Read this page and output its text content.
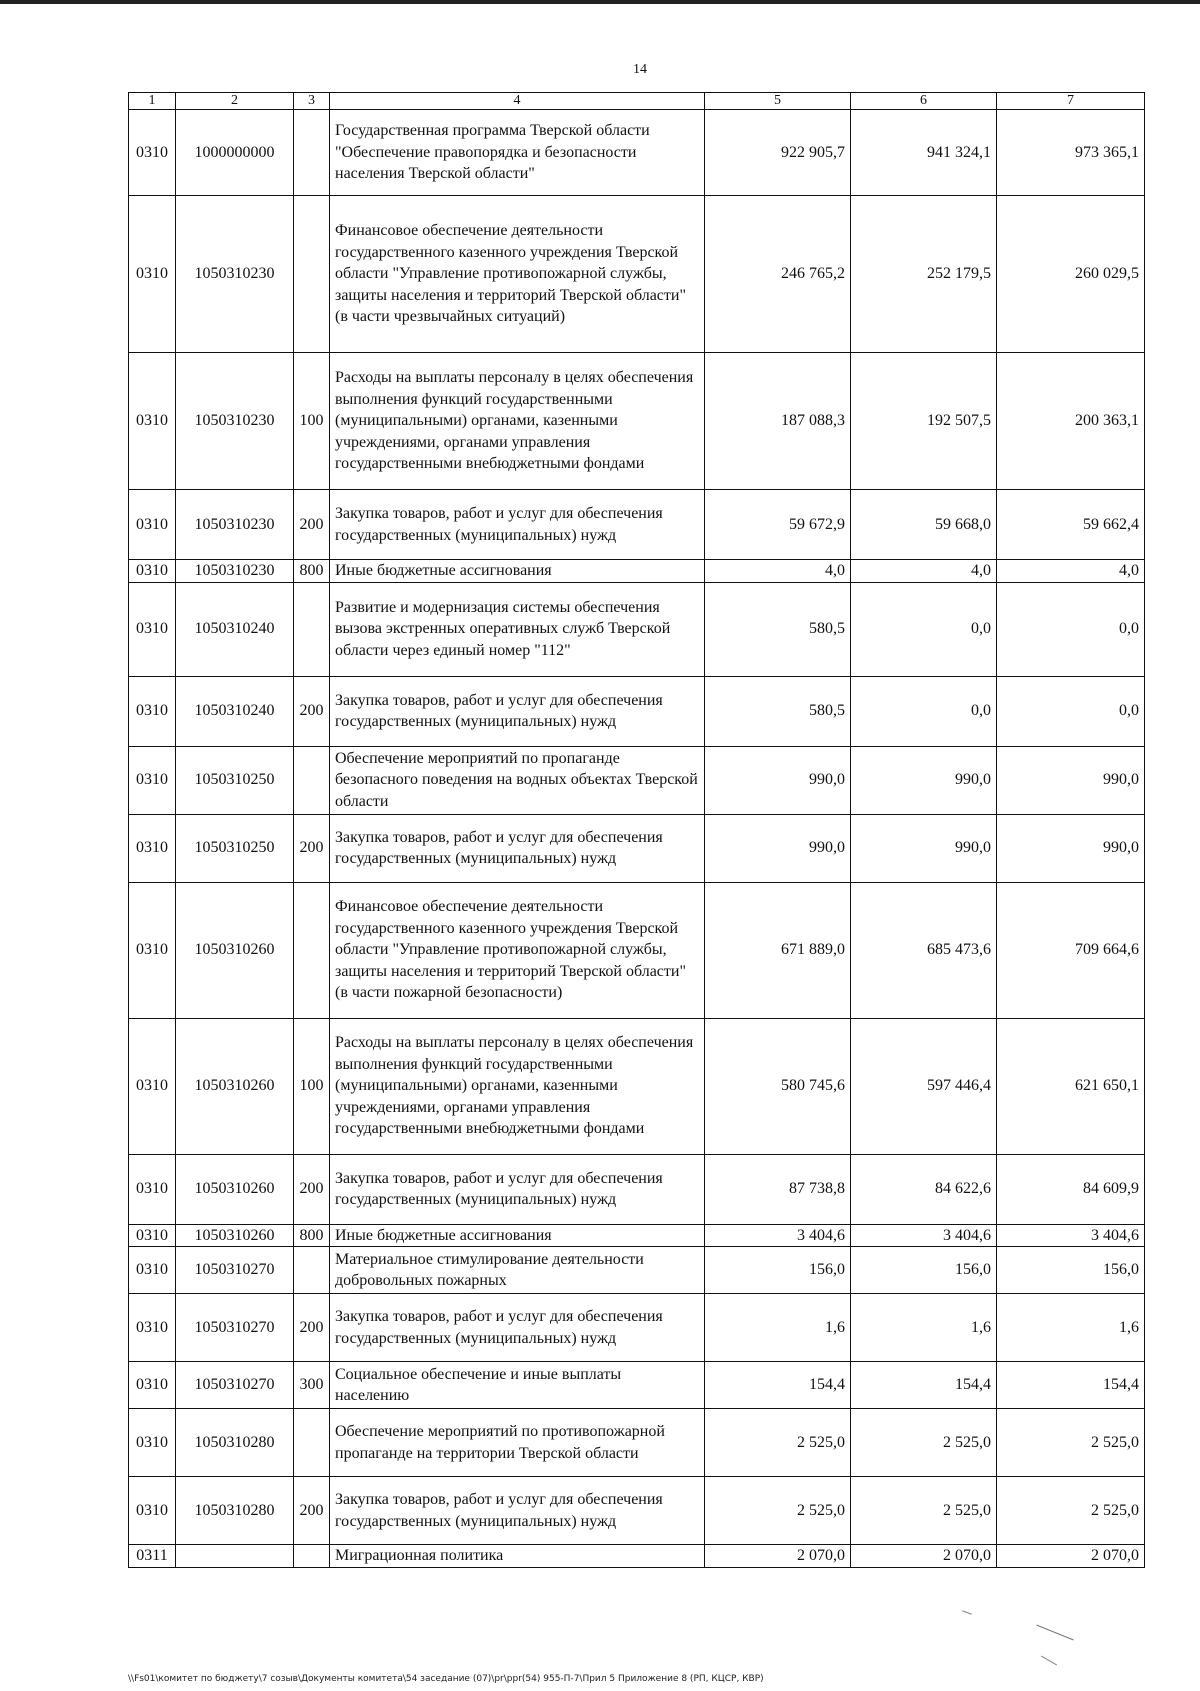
14
1	2	3	4	5	6	7
0310	1000000000		Государственная программа Тверской области "Обеспечение правопорядка и безопасности населения Тверской области"	922 905,7	941 324,1	973 365,1
0310	1050310230		Финансовое обеспечение деятельности государственного казенного учреждения Тверской области "Управление противопожарной службы, защиты населения и территорий Тверской области" (в части чрезвычайных ситуаций)	246 765,2	252 179,5	260 029,5
0310	1050310230	100	Расходы на выплаты персоналу в целях обеспечения выполнения функций государственными (муниципальными) органами, казенными учреждениями, органами управления государственными внебюджетными фондами	187 088,3	192 507,5	200 363,1
0310	1050310230	200	Закупка товаров, работ и услуг для обеспечения государственных (муниципальных) нужд	59 672,9	59 668,0	59 662,4
0310	1050310230	800	Иные бюджетные ассигнования	4,0	4,0	4,0
0310	1050310240		Развитие и модернизация системы обеспечения вызова экстренных оперативных служб Тверской области через единый номер "112"	580,5	0,0	0,0
0310	1050310240	200	Закупка товаров, работ и услуг для обеспечения государственных (муниципальных) нужд	580,5	0,0	0,0
0310	1050310250		Обеспечение мероприятий по пропаганде безопасного поведения на водных объектах Тверской области	990,0	990,0	990,0
0310	1050310250	200	Закупка товаров, работ и услуг для обеспечения государственных (муниципальных) нужд	990,0	990,0	990,0
0310	1050310260		Финансовое обеспечение деятельности государственного казенного учреждения Тверской области "Управление противопожарной службы, защиты населения и территорий Тверской области" (в части пожарной безопасности)	671 889,0	685 473,6	709 664,6
0310	1050310260	100	Расходы на выплаты персоналу в целях обеспечения выполнения функций государственными (муниципальными) органами, казенными учреждениями, органами управления государственными внебюджетными фондами	580 745,6	597 446,4	621 650,1
0310	1050310260	200	Закупка товаров, работ и услуг для обеспечения государственных (муниципальных) нужд	87 738,8	84 622,6	84 609,9
0310	1050310260	800	Иные бюджетные ассигнования	3 404,6	3 404,6	3 404,6
0310	1050310270		Материальное стимулирование деятельности добровольных пожарных	156,0	156,0	156,0
0310	1050310270	200	Закупка товаров, работ и услуг для обеспечения государственных (муниципальных) нужд	1,6	1,6	1,6
0310	1050310270	300	Социальное обеспечение и иные выплаты населению	154,4	154,4	154,4
0310	1050310280		Обеспечение мероприятий по противопожарной пропаганде на территории Тверской области	2 525,0	2 525,0	2 525,0
0310	1050310280	200	Закупка товаров, работ и услуг для обеспечения государственных (муниципальных) нужд	2 525,0	2 525,0	2 525,0
0311			Миграционная политика	2 070,0	2 070,0	2 070,0
\\Fs01\комитет по бюджету\7 созыв\Документы комитета\54 заседание (07)\pr\ppr(54) 955-П-7\Прил 5 Приложение 8 (РП, КЦСР, КВР)
